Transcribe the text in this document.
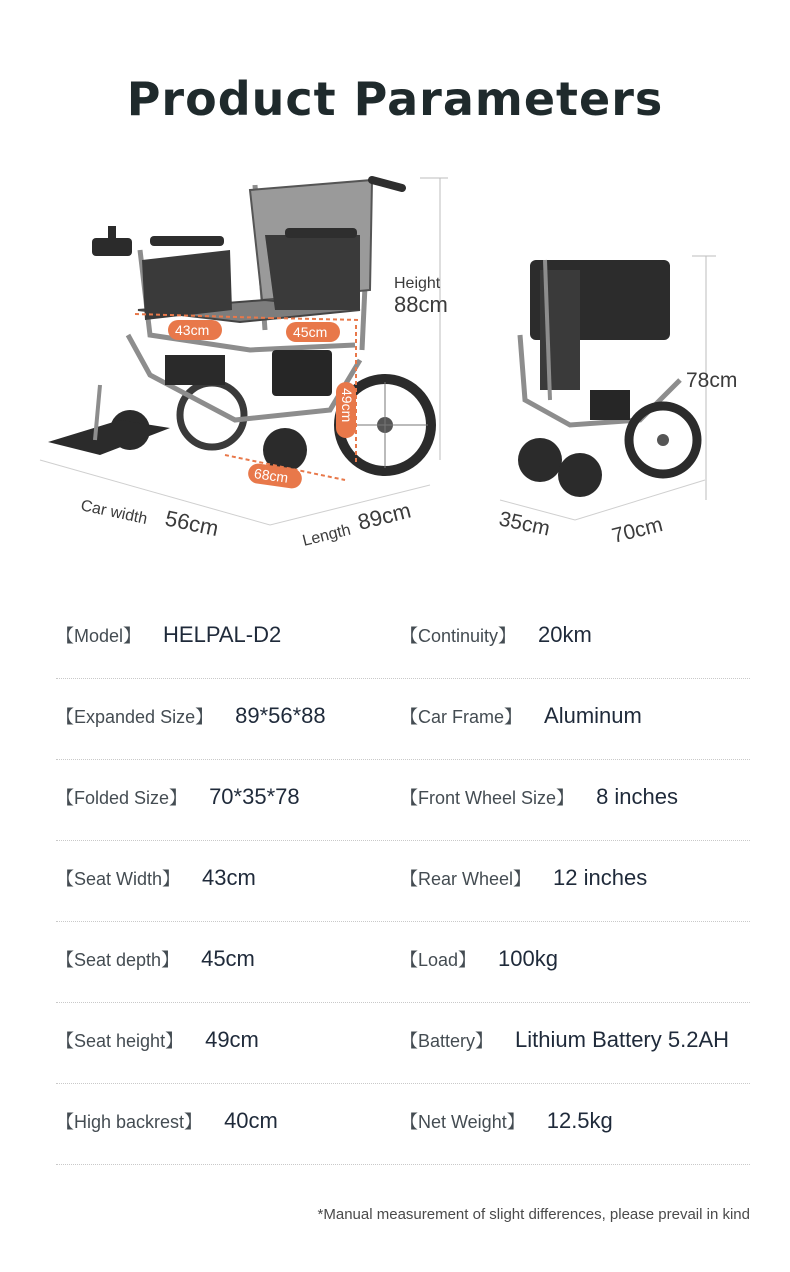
Product Parameters
Height
88cm
43cm	45cm
49cm
68cm
Car width 56cm	Length
89cm
78cm
35cm	70cm
【Model】 HELPAL-D2	【Continuity】 20km
【Expanded Size】 89*56*88	【Car Frame】 Aluminum
【Folded Size】 70*35*78	【Front Wheel Size】 8 inches
【Seat Width】 43cm	【Rear Wheel】 12 inches
【Seat depth】 45cm	【Load】 100kg
【Seat height】 49cm	【Battery】 Lithium Battery 5.2AH
【High backrest】 40cm	【Net Weight】 12.5kg
*Manual measurement of slight differences, please prevail in kind
